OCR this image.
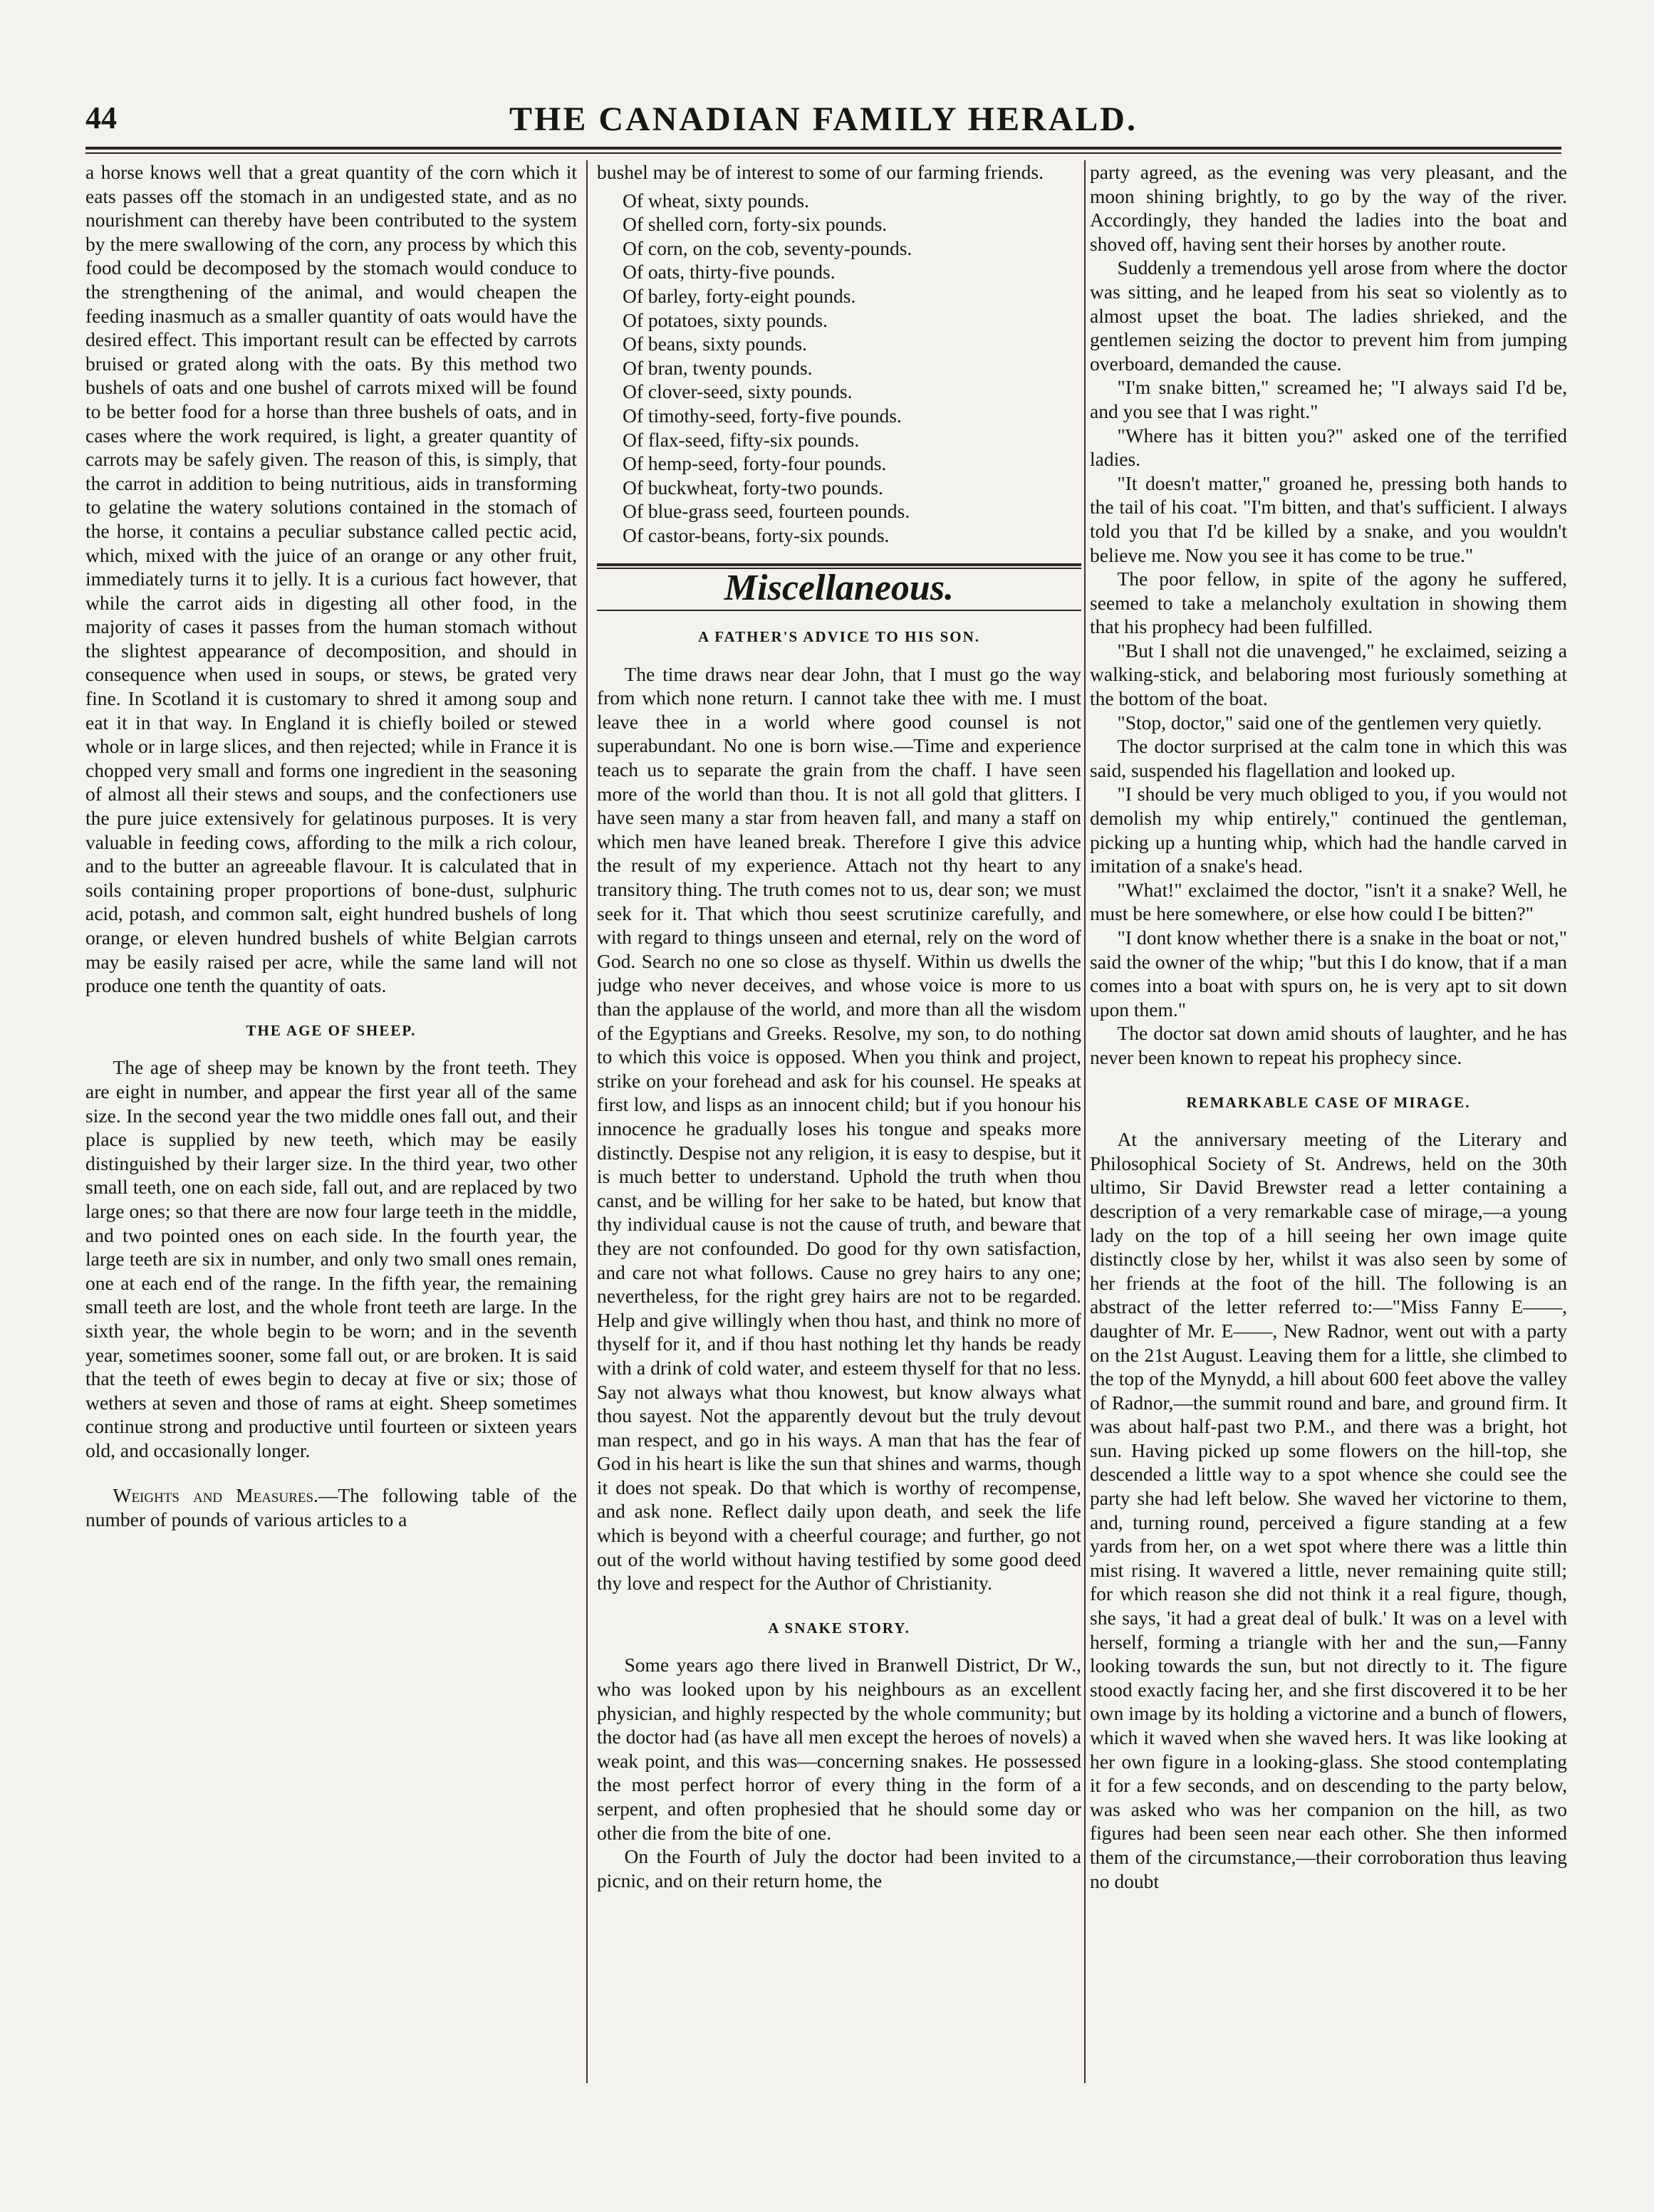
44	THE CANADIAN FAMILY HERALD.

a horse knows well that a great quantity of the corn which it eats passes off the stomach in an undigested state, and as no nourishment can thereby have been contributed to the system by the mere swallowing of the corn, any process by which this food could be decomposed by the stomach would conduce to the strengthening of the animal, and would cheapen the feeding inasmuch as a smaller quantity of oats would have the desired effect. This important result can be effected by carrots bruised or grated along with the oats. By this method two bushels of oats and one bushel of carrots mixed will be found to be better food for a horse than three bushels of oats, and in cases where the work required, is light, a greater quantity of carrots may be safely given. The reason of this, is simply, that the carrot in addition to being nutritious, aids in transforming to gelatine the watery solutions contained in the stomach of the horse, it contains a peculiar substance called pectic acid, which, mixed with the juice of an orange or any other fruit, immediately turns it to jelly. It is a curious fact however, that while the carrot aids in digesting all other food, in the majority of cases it passes from the human stomach without the slightest appearance of decomposition, and should in consequence when used in soups, or stews, be grated very fine. In Scotland it is customary to shred it among soup and eat it in that way. In England it is chiefly boiled or stewed whole or in large slices, and then rejected; while in France it is chopped very small and forms one ingredient in the seasoning of almost all their stews and soups, and the confectioners use the pure juice extensively for gelatinous purposes. It is very valuable in feeding cows, affording to the milk a rich colour, and to the butter an agreeable flavour. It is calculated that in soils containing proper proportions of bone-dust, sulphuric acid, potash, and common salt, eight hundred bushels of long orange, or eleven hundred bushels of white Belgian carrots may be easily raised per acre, while the same land will not produce one tenth the quantity of oats.

THE AGE OF SHEEP.

The age of sheep may be known by the front teeth. They are eight in number, and appear the first year all of the same size. In the second year the two middle ones fall out, and their place is supplied by new teeth, which may be easily distinguished by their larger size. In the third year, two other small teeth, one on each side, fall out, and are replaced by two large ones; so that there are now four large teeth in the middle, and two pointed ones on each side. In the fourth year, the large teeth are six in number, and only two small ones remain, one at each end of the range. In the fifth year, the remaining small teeth are lost, and the whole front teeth are large. In the sixth year, the whole begin to be worn; and in the seventh year, sometimes sooner, some fall out, or are broken. It is said that the teeth of ewes begin to decay at five or six; those of wethers at seven and those of rams at eight. Sheep sometimes continue strong and productive until fourteen or sixteen years old, and occasionally longer.

Weights and Measures.—The following table of the number of pounds of various articles to a

bushel may be of interest to some of our farming friends.

Of wheat, sixty pounds.
Of shelled corn, forty-six pounds.
Of corn, on the cob, seventy-pounds.
Of oats, thirty-five pounds.
Of barley, forty-eight pounds.
Of potatoes, sixty pounds.
Of beans, sixty pounds.
Of bran, twenty pounds.
Of clover-seed, sixty pounds.
Of timothy-seed, forty-five pounds.
Of flax-seed, fifty-six pounds.
Of hemp-seed, forty-four pounds.
Of buckwheat, forty-two pounds.
Of blue-grass seed, fourteen pounds.
Of castor-beans, forty-six pounds.
Miscellaneous.
A FATHER'S ADVICE TO HIS SON.

The time draws near dear John, that I must go the way from which none return. I cannot take thee with me. I must leave thee in a world where good counsel is not superabundant. No one is born wise.—Time and experience teach us to separate the grain from the chaff. I have seen more of the world than thou. It is not all gold that glitters. I have seen many a star from heaven fall, and many a staff on which men have leaned break. Therefore I give this advice the result of my experience. Attach not thy heart to any transitory thing. The truth comes not to us, dear son; we must seek for it. That which thou seest scrutinize carefully, and with regard to things unseen and eternal, rely on the word of God. Search no one so close as thyself. Within us dwells the judge who never deceives, and whose voice is more to us than the applause of the world, and more than all the wisdom of the Egyptians and Greeks. Resolve, my son, to do nothing to which this voice is opposed. When you think and project, strike on your forehead and ask for his counsel. He speaks at first low, and lisps as an innocent child; but if you honour his innocence he gradually loses his tongue and speaks more distinctly. Despise not any religion, it is easy to despise, but it is much better to understand. Uphold the truth when thou canst, and be willing for her sake to be hated, but know that thy individual cause is not the cause of truth, and beware that they are not confounded. Do good for thy own satisfaction, and care not what follows. Cause no grey hairs to any one; nevertheless, for the right grey hairs are not to be regarded. Help and give willingly when thou hast, and think no more of thyself for it, and if thou hast nothing let thy hands be ready with a drink of cold water, and esteem thyself for that no less. Say not always what thou knowest, but know always what thou sayest. Not the apparently devout but the truly devout man respect, and go in his ways. A man that has the fear of God in his heart is like the sun that shines and warms, though it does not speak. Do that which is worthy of recompense, and ask none. Reflect daily upon death, and seek the life which is beyond with a cheerful courage; and further, go not out of the world without having testified by some good deed thy love and respect for the Author of Christianity.

A SNAKE STORY.

Some years ago there lived in Branwell District, Dr W., who was looked upon by his neighbours as an excellent physician, and highly respected by the whole community; but the doctor had (as have all men except the heroes of novels) a weak point, and this was—concerning snakes. He possessed the most perfect horror of every thing in the form of a serpent, and often prophesied that he should some day or other die from the bite of one.

On the Fourth of July the doctor had been invited to a picnic, and on their return home, the

party agreed, as the evening was very pleasant, and the moon shining brightly, to go by the way of the river. Accordingly, they handed the ladies into the boat and shoved off, having sent their horses by another route.

Suddenly a tremendous yell arose from where the doctor was sitting, and he leaped from his seat so violently as to almost upset the boat. The ladies shrieked, and the gentlemen seizing the doctor to prevent him from jumping overboard, demanded the cause.

"I'm snake bitten," screamed he; "I always said I'd be, and you see that I was right."

"Where has it bitten you?" asked one of the terrified ladies.

"It doesn't matter," groaned he, pressing both hands to the tail of his coat. "I'm bitten, and that's sufficient. I always told you that I'd be killed by a snake, and you wouldn't believe me. Now you see it has come to be true."

The poor fellow, in spite of the agony he suffered, seemed to take a melancholy exultation in showing them that his prophecy had been fulfilled.

"But I shall not die unavenged," he exclaimed, seizing a walking-stick, and belaboring most furiously something at the bottom of the boat.

"Stop, doctor," said one of the gentlemen very quietly.

The doctor surprised at the calm tone in which this was said, suspended his flagellation and looked up.

"I should be very much obliged to you, if you would not demolish my whip entirely," continued the gentleman, picking up a hunting whip, which had the handle carved in imitation of a snake's head.

"What!" exclaimed the doctor, "isn't it a snake? Well, he must be here somewhere, or else how could I be bitten?"

"I dont know whether there is a snake in the boat or not," said the owner of the whip; "but this I do know, that if a man comes into a boat with spurs on, he is very apt to sit down upon them."

The doctor sat down amid shouts of laughter, and he has never been known to repeat his prophecy since.

REMARKABLE CASE OF MIRAGE.

At the anniversary meeting of the Literary and Philosophical Society of St. Andrews, held on the 30th ultimo, Sir David Brewster read a letter containing a description of a very remarkable case of mirage,—a young lady on the top of a hill seeing her own image quite distinctly close by her, whilst it was also seen by some of her friends at the foot of the hill. The following is an abstract of the letter referred to:—"Miss Fanny E——, daughter of Mr. E——, New Radnor, went out with a party on the 21st August. Leaving them for a little, she climbed to the top of the Mynydd, a hill about 600 feet above the valley of Radnor,—the summit round and bare, and ground firm. It was about half-past two P.M., and there was a bright, hot sun. Having picked up some flowers on the hill-top, she descended a little way to a spot whence she could see the party she had left below. She waved her victorine to them, and, turning round, perceived a figure standing at a few yards from her, on a wet spot where there was a little thin mist rising. It wavered a little, never remaining quite still; for which reason she did not think it a real figure, though, she says, 'it had a great deal of bulk.' It was on a level with herself, forming a triangle with her and the sun,—Fanny looking towards the sun, but not directly to it. The figure stood exactly facing her, and she first discovered it to be her own image by its holding a victorine and a bunch of flowers, which it waved when she waved hers. It was like looking at her own figure in a looking-glass. She stood contemplating it for a few seconds, and on descending to the party below, was asked who was her companion on the hill, as two figures had been seen near each other. She then informed them of the circumstance,—their corroboration thus leaving no doubt
